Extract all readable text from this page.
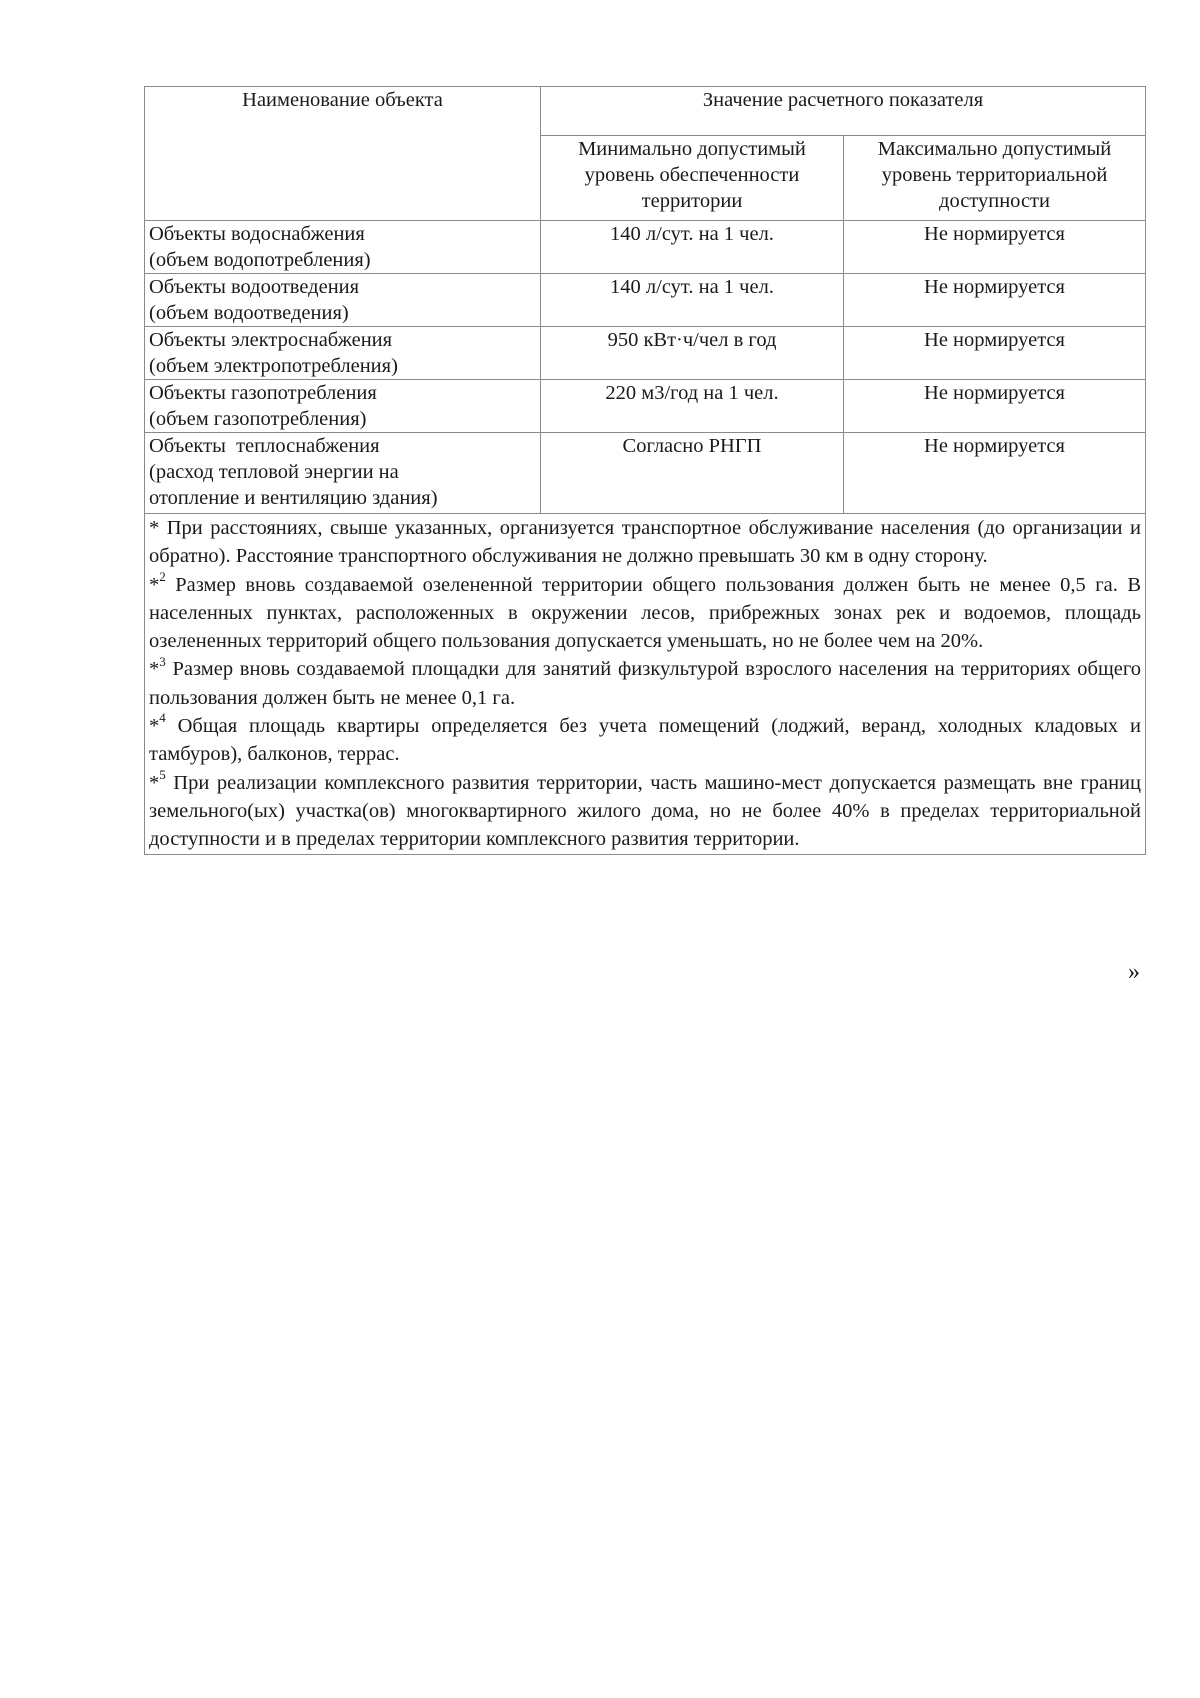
Наименование объекта	Значение расчетного показателя	
	Минимально допустимый уровень обеспеченности территории	Максимально допустимый уровень территориальной доступности

Объекты водоснабжения
(объем водопотребления)	140 л/сут. на 1 чел.	Не нормируется

Объекты водоотведения
(объем водоотведения)	140 л/сут. на 1 чел.	Не нормируется

Объекты электроснабжения
(объем электропотребления)	950 кВт·ч/чел в год	Не нормируется

Объекты газопотребления
(объем газопотребления)	220 м3/год на 1 чел.	Не нормируется

Объекты  теплоснабжения
(расход тепловой энергии на
отопление и вентиляцию здания)	Согласно РНГП	Не нормируется

* При расстояниях, свыше указанных, организуется транспортное обслуживание населения (до организации и обратно). Расстояние транспортного обслуживания не должно превышать 30 км в одну сторону.

*$^2$ Размер вновь создаваемой озелененной территории общего пользования должен быть не менее 0,5 га. В населенных пунктах, расположенных в окружении лесов, прибрежных зонах рек и водоемов, площадь озелененных территорий общего пользования допускается уменьшать, но не более чем на 20%.

*$^3$ Размер вновь создаваемой площадки для занятий физкультурой взрослого населения на территориях общего пользования должен быть не менее 0,1 га.

*$^4$ Общая площадь квартиры определяется без учета помещений (лоджий, веранд, холодных кладовых и тамбуров), балконов, террас.

*$^5$ При реализации комплексного развития территории, часть машино-мест допускается размещать вне границ земельного(ых) участка(ов) многоквартирного жилого дома, но не более 40% в пределах территориальной доступности и в пределах территории комплексного развития территории.		

»
